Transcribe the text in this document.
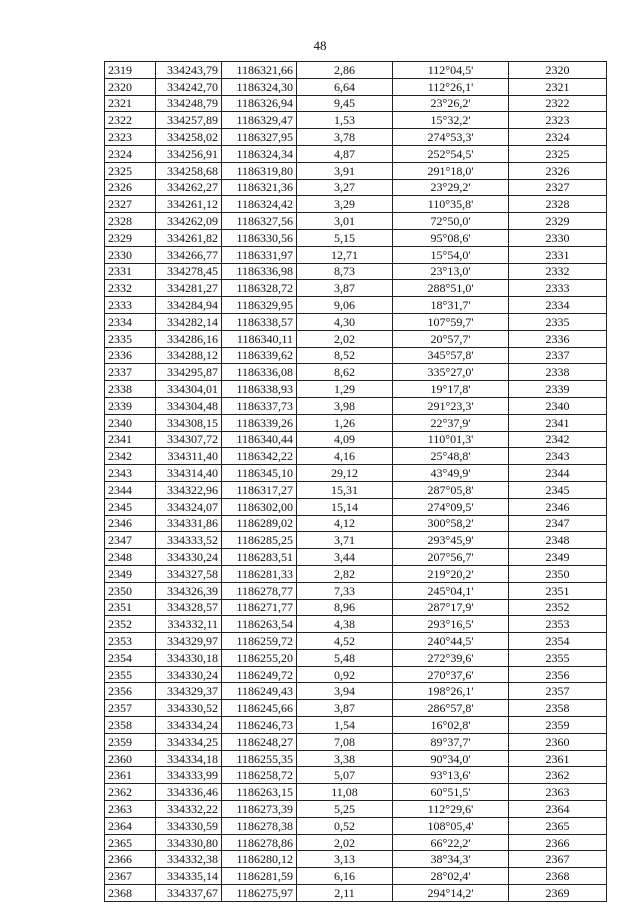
48
2319	334243,79	1186321,66	2,86	112°04,5'	2320
2320	334242,70	1186324,30	6,64	112°26,1'	2321
2321	334248,79	1186326,94	9,45	23°26,2'	2322
2322	334257,89	1186329,47	1,53	15°32,2'	2323
2323	334258,02	1186327,95	3,78	274°53,3'	2324
2324	334256,91	1186324,34	4,87	252°54,5'	2325
2325	334258,68	1186319,80	3,91	291°18,0'	2326
2326	334262,27	1186321,36	3,27	23°29,2'	2327
2327	334261,12	1186324,42	3,29	110°35,8'	2328
2328	334262,09	1186327,56	3,01	72°50,0'	2329
2329	334261,82	1186330,56	5,15	95°08,6'	2330
2330	334266,77	1186331,97	12,71	15°54,0'	2331
2331	334278,45	1186336,98	8,73	23°13,0'	2332
2332	334281,27	1186328,72	3,87	288°51,0'	2333
2333	334284,94	1186329,95	9,06	18°31,7'	2334
2334	334282,14	1186338,57	4,30	107°59,7'	2335
2335	334286,16	1186340,11	2,02	20°57,7'	2336
2336	334288,12	1186339,62	8,52	345°57,8'	2337
2337	334295,87	1186336,08	8,62	335°27,0'	2338
2338	334304,01	1186338,93	1,29	19°17,8'	2339
2339	334304,48	1186337,73	3,98	291°23,3'	2340
2340	334308,15	1186339,26	1,26	22°37,9'	2341
2341	334307,72	1186340,44	4,09	110°01,3'	2342
2342	334311,40	1186342,22	4,16	25°48,8'	2343
2343	334314,40	1186345,10	29,12	43°49,9'	2344
2344	334322,96	1186317,27	15,31	287°05,8'	2345
2345	334324,07	1186302,00	15,14	274°09,5'	2346
2346	334331,86	1186289,02	4,12	300°58,2'	2347
2347	334333,52	1186285,25	3,71	293°45,9'	2348
2348	334330,24	1186283,51	3,44	207°56,7'	2349
2349	334327,58	1186281,33	2,82	219°20,2'	2350
2350	334326,39	1186278,77	7,33	245°04,1'	2351
2351	334328,57	1186271,77	8,96	287°17,9'	2352
2352	334332,11	1186263,54	4,38	293°16,5'	2353
2353	334329,97	1186259,72	4,52	240°44,5'	2354
2354	334330,18	1186255,20	5,48	272°39,6'	2355
2355	334330,24	1186249,72	0,92	270°37,6'	2356
2356	334329,37	1186249,43	3,94	198°26,1'	2357
2357	334330,52	1186245,66	3,87	286°57,8'	2358
2358	334334,24	1186246,73	1,54	16°02,8'	2359
2359	334334,25	1186248,27	7,08	89°37,7'	2360
2360	334334,18	1186255,35	3,38	90°34,0'	2361
2361	334333,99	1186258,72	5,07	93°13,6'	2362
2362	334336,46	1186263,15	11,08	60°51,5'	2363
2363	334332,22	1186273,39	5,25	112°29,6'	2364
2364	334330,59	1186278,38	0,52	108°05,4'	2365
2365	334330,80	1186278,86	2,02	66°22,2'	2366
2366	334332,38	1186280,12	3,13	38°34,3'	2367
2367	334335,14	1186281,59	6,16	28°02,4'	2368
2368	334337,67	1186275,97	2,11	294°14,2'	2369
